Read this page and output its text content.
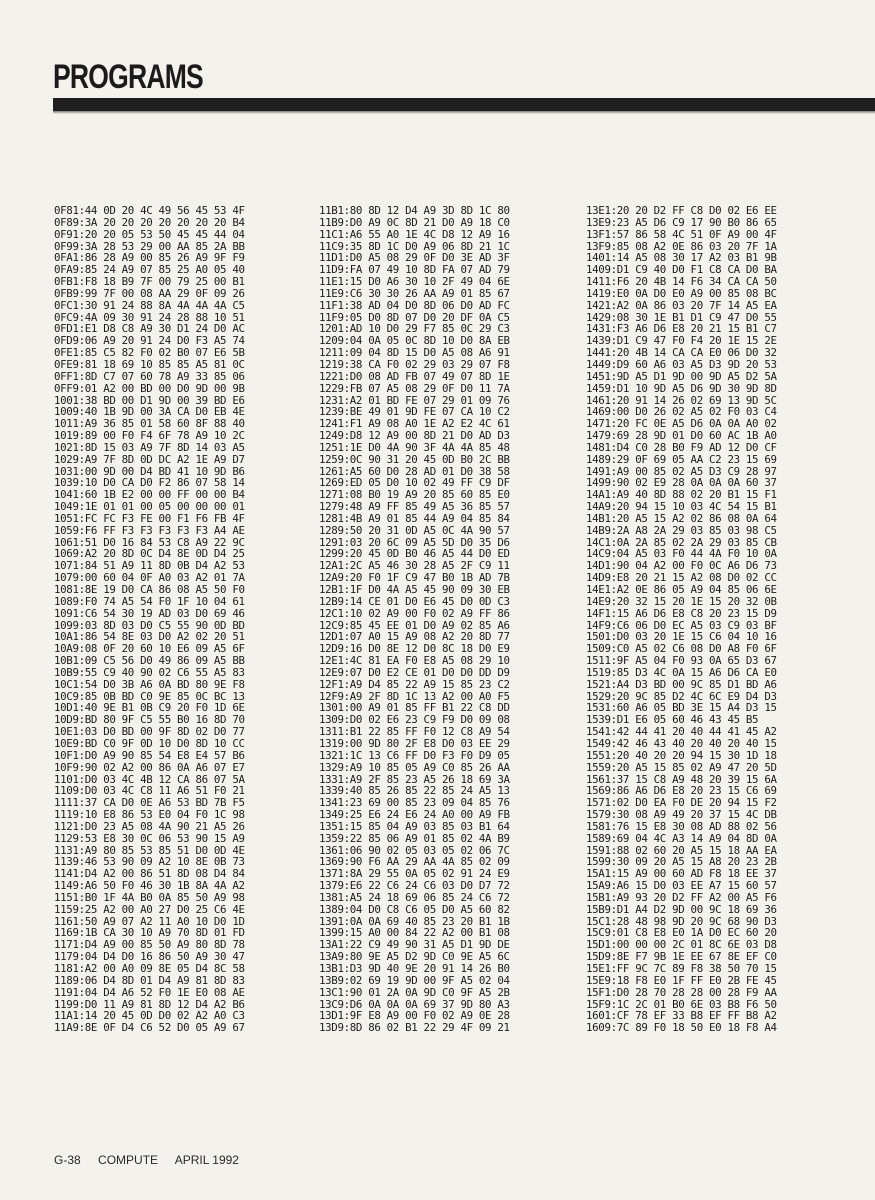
PROGRAMS
0F81:44 0D 20 4C 49 56 45 53 4F
0F89:3A 20 20 20 20 20 20 20 B4
0F91:20 20 05 53 50 45 45 44 04
0F99:3A 28 53 29 00 AA 85 2A BB
0FA1:86 28 A9 00 85 26 A9 9F F9
0FA9:85 24 A9 07 85 25 A0 05 40
0FB1:F8 18 B9 7F 00 79 25 00 B1
0FB9:99 7F 00 08 AA 29 0F 09 26
0FC1:30 91 24 88 8A 4A 4A 4A C5
0FC9:4A 09 30 91 24 28 88 10 51
0FD1:E1 D8 C8 A9 30 D1 24 D0 AC
0FD9:06 A9 20 91 24 D0 F3 A5 74
0FE1:85 C5 82 F0 02 B0 07 E6 5B
0FE9:81 18 69 10 85 85 A5 81 0C
0FF1:8D C7 07 60 78 A9 33 85 06
0FF9:01 A2 00 BD 00 D0 9D 00 9B
1001:38 BD 00 D1 9D 00 39 BD E6
1009:40 1B 9D 00 3A CA D0 EB 4E
1011:A9 36 85 01 58 60 8F 88 40
1019:89 00 F0 F4 6F 78 A9 10 2C
1021:8D 15 03 A9 7F 8D 14 03 A5
1029:A9 7F 8D 0D DC A2 1E A9 D7
1031:00 9D 00 D4 BD 41 10 9D B6
1039:10 D0 CA D0 F2 86 07 58 14
1041:60 1B E2 00 00 FF 00 00 B4
1049:1E 01 01 00 05 00 00 00 01
1051:FC FC F3 FE 00 F1 F6 FB 4F
1059:F6 FF F3 F3 F3 F3 F3 A4 AE
1061:51 D0 16 84 53 C8 A9 22 9C
1069:A2 20 8D 0C D4 8E 0D D4 25
1071:84 51 A9 11 8D 0B D4 A2 53
1079:00 60 04 0F A0 03 A2 01 7A
1081:8E 19 D0 CA 86 08 A5 50 F0
1089:F0 74 A5 54 F0 1F 10 04 61
1091:C6 54 30 19 AD 03 D0 69 46
1099:03 8D 03 D0 C5 55 90 0D BD
10A1:86 54 8E 03 D0 A2 02 20 51
10A9:08 0F 20 60 10 E6 09 A5 6F
10B1:09 C5 56 D0 49 86 09 A5 BB
10B9:55 C9 40 90 02 C6 55 A5 83
10C1:54 D0 3B A6 0A BD 80 9E F8
10C9:85 0B BD C0 9E 85 0C BC 13
10D1:40 9E B1 0B C9 20 F0 1D 6E
10D9:BD 80 9F C5 55 B0 16 8D 70
10E1:03 D0 BD 00 9F 8D 02 D0 77
10E9:BD C0 9F 0D 10 D0 8D 10 CC
10F1:D0 A9 90 85 54 E8 E4 57 B6
10F9:90 02 A2 00 86 0A A6 07 E7
1101:D0 03 4C 4B 12 CA 86 07 5A
1109:D0 03 4C C8 11 A6 51 F0 21
1111:37 CA D0 0E A6 53 BD 7B F5
1119:10 E8 86 53 E0 04 F0 1C 98
1121:D0 23 A5 08 4A 90 21 A5 26
1129:53 E8 30 0C 06 53 90 15 A9
1131:A9 80 85 53 85 51 D0 0D 4E
1139:46 53 90 09 A2 10 8E 0B 73
1141:D4 A2 00 86 51 8D 08 D4 84
1149:A6 50 F0 46 30 1B 8A 4A A2
1151:B0 1F 4A B0 0A 85 50 A9 98
1159:25 A2 00 A0 27 D0 25 C6 4E
1161:50 A9 07 A2 11 A0 10 D0 1D
1169:1B CA 30 10 A9 70 8D 01 FD
1171:D4 A9 00 85 50 A9 80 8D 78
1179:04 D4 D0 16 86 50 A9 30 47
1181:A2 00 A0 09 8E 05 D4 8C 58
1189:06 D4 8D 01 D4 A9 81 8D 83
1191:04 D4 A6 52 F0 1E E0 08 AE
1199:D0 11 A9 81 8D 12 D4 A2 B6
11A1:14 20 45 0D D0 02 A2 A0 C3
11A9:8E 0F D4 C6 52 D0 05 A9 67
11B1:80 8D 12 D4 A9 3D 8D 1C 80
11B9:D0 A9 0C 8D 21 D0 A9 18 C0
11C1:A6 55 A0 1E 4C D8 12 A9 16
11C9:35 8D 1C D0 A9 06 8D 21 1C
11D1:D0 A5 08 29 0F D0 3E AD 3F
11D9:FA 07 49 10 8D FA 07 AD 79
11E1:15 D0 A6 30 10 2F 49 04 6E
11E9:C6 30 30 26 AA A9 01 85 67
11F1:38 AD 04 D0 8D 06 D0 AD FC
11F9:05 D0 8D 07 D0 20 DF 0A C5
1201:AD 10 D0 29 F7 85 0C 29 C3
1209:04 0A 05 0C 8D 10 D0 8A EB
1211:09 04 8D 15 D0 A5 08 A6 91
1219:38 CA F0 02 29 03 29 07 F8
1221:D0 08 AD FB 07 49 07 8D 1E
1229:FB 07 A5 08 29 0F D0 11 7A
1231:A2 01 BD FE 07 29 01 09 76
1239:BE 49 01 9D FE 07 CA 10 C2
1241:F1 A9 08 A0 1E A2 E2 4C 61
1249:D8 12 A9 00 8D 21 D0 AD D3
1251:1E D0 4A 90 3F 4A 4A 85 48
1259:0C 90 31 20 45 0D B0 2C BB
1261:A5 60 D0 28 AD 01 D0 38 58
1269:ED 05 D0 10 02 49 FF C9 DF
1271:08 B0 19 A9 20 85 60 85 E0
1279:48 A9 FF 85 49 A5 36 85 57
1281:4B A9 01 85 44 A9 04 85 84
1289:50 20 31 0D A5 0C 4A 90 57
1291:03 20 6C 09 A5 5D D0 35 D6
1299:20 45 0D B0 46 A5 44 D0 ED
12A1:2C A5 46 30 28 A5 2F C9 11
12A9:20 F0 1F C9 47 B0 1B AD 7B
12B1:1F D0 4A A5 45 90 09 30 EB
12B9:14 CE 01 D0 E6 45 D0 0D C3
12C1:10 02 A9 00 F0 02 A9 FF 86
12C9:85 45 EE 01 D0 A9 02 85 A6
12D1:07 A0 15 A9 08 A2 20 8D 77
12D9:16 D0 8E 12 D0 8C 18 D0 E9
12E1:4C 81 EA F0 E8 A5 08 29 10
12E9:07 D0 E2 CE 01 D0 D0 DD D9
12F1:A9 D4 85 22 A9 15 85 23 C2
12F9:A9 2F 8D 1C 13 A2 00 A0 F5
1301:00 A9 01 85 FF B1 22 C8 DD
1309:D0 02 E6 23 C9 F9 D0 09 08
1311:B1 22 85 FF F0 12 C8 A9 54
1319:00 9D 80 2F E8 D0 03 EE 29
1321:1C 13 C6 FF D0 F3 F0 D9 05
1329:A9 10 85 05 A9 C0 85 26 AA
1331:A9 2F 85 23 A5 26 18 69 3A
1339:40 85 26 85 22 85 24 A5 13
1341:23 69 00 85 23 09 04 85 76
1349:25 E6 24 E6 24 A0 00 A9 FB
1351:15 85 04 A9 03 85 03 B1 64
1359:22 85 06 A9 01 85 02 4A B9
1361:06 90 02 05 03 05 02 06 7C
1369:90 F6 AA 29 AA 4A 85 02 09
1371:8A 29 55 0A 05 02 91 24 E9
1379:E6 22 C6 24 C6 03 D0 D7 72
1381:A5 24 18 69 06 85 24 C6 72
1389:04 D0 C8 C6 05 D0 A5 60 82
1391:0A 0A 69 40 85 23 20 B1 1B
1399:15 A0 00 84 22 A2 00 B1 08
13A1:22 C9 49 90 31 A5 D1 9D DE
13A9:80 9E A5 D2 9D C0 9E A5 6C
13B1:D3 9D 40 9E 20 91 14 26 B0
13B9:02 69 19 9D 00 9F A5 02 04
13C1:90 01 2A 0A 9D C0 9F A5 2B
13C9:D6 0A 0A 0A 69 37 9D 80 A3
13D1:9F E8 A9 00 F0 02 A9 0E 28
13D9:8D 86 02 B1 22 29 4F 09 21
13E1:20 20 D2 FF C8 D0 02 E6 EE
13E9:23 A5 D6 C9 17 90 B0 86 65
13F1:57 86 58 4C 51 0F A9 00 4F
13F9:85 08 A2 0E 86 03 20 7F 1A
1401:14 A5 08 30 17 A2 03 B1 9B
1409:D1 C9 40 D0 F1 C8 CA D0 BA
1411:F6 20 4B 14 F6 34 CA CA 50
1419:E0 0A D0 E0 A9 00 85 08 BC
1421:A2 0A 86 03 20 7F 14 A5 EA
1429:08 30 1E B1 D1 C9 47 D0 55
1431:F3 A6 D6 E8 20 21 15 B1 C7
1439:D1 C9 47 F0 F4 20 1E 15 2E
1441:20 4B 14 CA CA E0 06 D0 32
1449:D9 60 A6 03 A5 D3 9D 20 53
1451:9D A5 D1 9D 00 9D A5 D2 5A
1459:D1 10 9D A5 D6 9D 30 9D 8D
1461:20 91 14 26 02 69 13 9D 5C
1469:00 D0 26 02 A5 02 F0 03 C4
1471:20 FC 0E A5 D6 0A 0A A0 02
1479:69 28 9D 01 D0 60 AC 1B A0
1481:D4 C0 28 B0 F9 AD 12 D0 CF
1489:29 0F 69 05 AA C2 23 15 69
1491:A9 00 85 02 A5 D3 C9 28 97
1499:90 02 E9 28 0A 0A 0A 60 37
14A1:A9 40 8D 88 02 20 B1 15 F1
14A9:20 94 15 10 03 4C 54 15 B1
14B1:20 A5 15 A2 02 86 08 0A 64
14B9:2A A8 2A 29 03 85 03 98 C5
14C1:0A 2A 85 02 2A 29 03 85 CB
14C9:04 A5 03 F0 44 4A F0 10 0A
14D1:90 04 A2 00 F0 0C A6 D6 73
14D9:E8 20 21 15 A2 08 D0 02 CC
14E1:A2 0E 86 05 A9 04 85 06 6E
14E9:20 32 15 20 1E 15 20 32 0B
14F1:15 A6 D6 E8 C8 20 23 15 D9
14F9:C6 06 D0 EC A5 03 C9 03 BF
1501:D0 03 20 1E 15 C6 04 10 16
1509:C0 A5 02 C6 08 D0 A8 F0 6F
1511:9F A5 04 F0 93 0A 65 D3 67
1519:85 D3 4C 0A 15 A6 D6 CA E0
1521:A4 D3 BD 00 9C 85 D1 BD A6
1529:20 9C 85 D2 4C 6C E9 D4 D3
1531:60 A6 05 BD 3E 15 A4 D3 15
1539:D1 E6 05 60 46 43 45 B5
1541:42 44 41 20 40 44 41 45 A2
1549:42 46 43 40 20 40 20 40 15
1551:20 40 20 20 94 15 30 1D 18
1559:20 A5 15 85 02 A9 47 20 5D
1561:37 15 C8 A9 48 20 39 15 6A
1569:86 A6 D6 E8 20 23 15 C6 69
1571:02 D0 EA F0 DE 20 94 15 F2
1579:30 08 A9 49 20 37 15 4C DB
1581:76 15 E8 30 08 AD 88 02 56
1589:69 04 4C A3 14 A9 04 8D 0A
1591:88 02 60 20 A5 15 18 AA EA
1599:30 09 20 A5 15 A8 20 23 2B
15A1:15 A9 00 60 AD F8 18 EE 37
15A9:A6 15 D0 03 EE A7 15 60 57
15B1:A9 93 20 D2 FF A2 00 A5 F6
15B9:D1 A4 D2 9D 00 9C 18 69 36
15C1:28 48 98 9D 20 9C 68 90 D3
15C9:01 C8 E8 E0 1A D0 EC 60 20
15D1:00 00 00 2C 01 8C 6E 03 D8
15D9:8E F7 9B 1E EE 67 8E EF C0
15E1:FF 9C 7C 89 F8 38 50 70 15
15E9:18 F8 E0 1F FF E0 2B FE 45
15F1:D0 28 70 28 28 00 28 F9 AA
15F9:1C 2C 01 B0 6E 03 B8 F6 50
1601:CF 78 EF 33 B8 EF FF B8 A2
1609:7C 89 F0 18 50 E0 18 F8 A4
G-38 COMPUTE APRIL 1992
